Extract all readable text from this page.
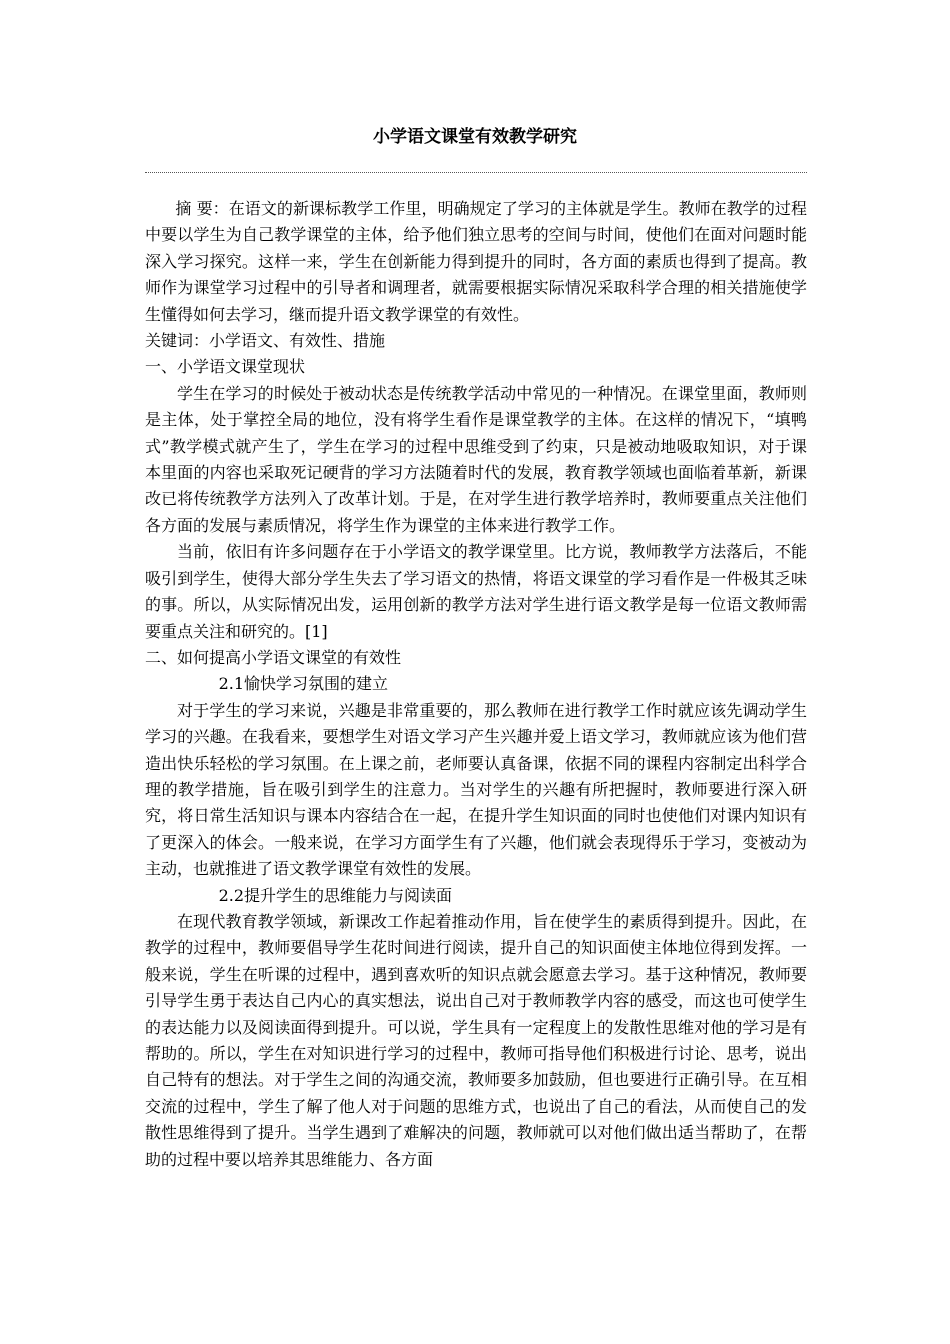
小学语文课堂有效教学研究

摘 要：在语文的新课标教学工作里，明确规定了学习的主体就是学生。教师在教学的过程中要以学生为自己教学课堂的主体，给予他们独立思考的空间与时间，使他们在面对问题时能深入学习探究。这样一来，学生在创新能力得到提升的同时，各方面的素质也得到了提高。教师作为课堂学习过程中的引导者和调理者，就需要根据实际情况采取科学合理的相关措施使学生懂得如何去学习，继而提升语文教学课堂的有效性。

关键词：小学语文、有效性、措施

一、小学语文课堂现状

学生在学习的时候处于被动状态是传统教学活动中常见的一种情况。在课堂里面，教师则是主体，处于掌控全局的地位，没有将学生看作是课堂教学的主体。在这样的情况下，“填鸭式”教学模式就产生了，学生在学习的过程中思维受到了约束，只是被动地吸取知识，对于课本里面的内容也采取死记硬背的学习方法随着时代的发展，教育教学领域也面临着革新，新课改已将传统教学方法列入了改革计划。于是，在对学生进行教学培养时，教师要重点关注他们各方面的发展与素质情况，将学生作为课堂的主体来进行教学工作。

当前，依旧有许多问题存在于小学语文的教学课堂里。比方说，教师教学方法落后，不能吸引到学生，使得大部分学生失去了学习语文的热情，将语文课堂的学习看作是一件极其乏味的事。所以，从实际情况出发，运用创新的教学方法对学生进行语文教学是每一位语文教师需要重点关注和研究的。[1]

二、如何提高小学语文课堂的有效性

2.1愉快学习氛围的建立

对于学生的学习来说，兴趣是非常重要的，那么教师在进行教学工作时就应该先调动学生学习的兴趣。在我看来，要想学生对语文学习产生兴趣并爱上语文学习，教师就应该为他们营造出快乐轻松的学习氛围。在上课之前，老师要认真备课，依据不同的课程内容制定出科学合理的教学措施，旨在吸引到学生的注意力。当对学生的兴趣有所把握时，教师要进行深入研究，将日常生活知识与课本内容结合在一起，在提升学生知识面的同时也使他们对课内知识有了更深入的体会。一般来说，在学习方面学生有了兴趣，他们就会表现得乐于学习，变被动为主动，也就推进了语文教学课堂有效性的发展。

2.2提升学生的思维能力与阅读面

在现代教育教学领域，新课改工作起着推动作用，旨在使学生的素质得到提升。因此，在教学的过程中，教师要倡导学生花时间进行阅读，提升自己的知识面使主体地位得到发挥。一般来说，学生在听课的过程中，遇到喜欢听的知识点就会愿意去学习。基于这种情况，教师要引导学生勇于表达自己内心的真实想法，说出自己对于教师教学内容的感受，而这也可使学生的表达能力以及阅读面得到提升。可以说，学生具有一定程度上的发散性思维对他的学习是有帮助的。所以，学生在对知识进行学习的过程中，教师可指导他们积极进行讨论、思考，说出自己特有的想法。对于学生之间的沟通交流，教师要多加鼓励，但也要进行正确引导。在互相交流的过程中，学生了解了他人对于问题的思维方式，也说出了自己的看法，从而使自己的发散性思维得到了提升。当学生遇到了难解决的问题，教师就可以对他们做出适当帮助了，在帮助的过程中要以培养其思维能力、各方面
